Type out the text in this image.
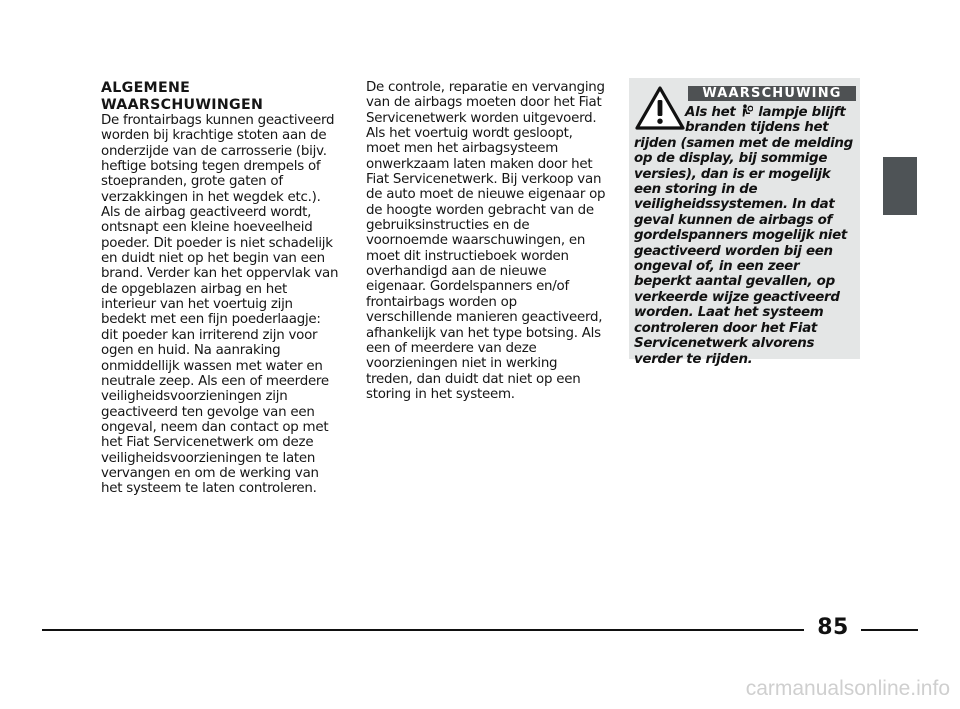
ALGEMENE WAARSCHUWINGEN

De frontairbags kunnen geactiveerd worden bij krachtige stoten aan de onderzijde van de carrosserie (bijv. heftige botsing tegen drempels of stoepranden, grote gaten of verzakkingen in het wegdek etc.). Als de airbag geactiveerd wordt, ontsnapt een kleine hoeveelheid poeder. Dit poeder is niet schadelijk en duidt niet op het begin van een brand. Verder kan het oppervlak van de opgeblazen airbag en het interieur van het voertuig zijn bedekt met een fijn poederlaagje: dit poeder kan irriterend zijn voor ogen en huid. Na aanraking onmiddellijk wassen met water en neutrale zeep. Als een of meerdere veiligheidsvoorzieningen zijn geactiveerd ten gevolge van een ongeval, neem dan contact op met het Fiat Servicenetwerk om deze veiligheidsvoorzieningen te laten vervangen en om de werking van het systeem te laten controleren.

De controle, reparatie en vervanging van de airbags moeten door het Fiat Servicenetwerk worden uitgevoerd. Als het voertuig wordt gesloopt, moet men het airbagsysteem onwerkzaam laten maken door het Fiat Servicenetwerk. Bij verkoop van de auto moet de nieuwe eigenaar op de hoogte worden gebracht van de gebruiksinstructies en de voornoemde waarschuwingen, en moet dit instructieboek worden overhandigd aan de nieuwe eigenaar. Gordelspanners en/of frontairbags worden op verschillende manieren geactiveerd, afhankelijk van het type botsing. Als een of meerdere van deze voorzieningen niet in werking treden, dan duidt dat niet op een storing in het systeem.

WAARSCHUWING
Als het lampje blijft branden tijdens het
rijden (samen met de melding op de display, bij sommige versies), dan is er mogelijk een storing in de veiligheidssystemen. In dat geval kunnen de airbags of gordelspanners mogelijk niet geactiveerd worden bij een ongeval of, in een zeer beperkt aantal gevallen, op verkeerde wijze geactiveerd worden. Laat het systeem controleren door het Fiat Servicenetwerk alvorens verder te rijden.
85
carmanualsonline.info
